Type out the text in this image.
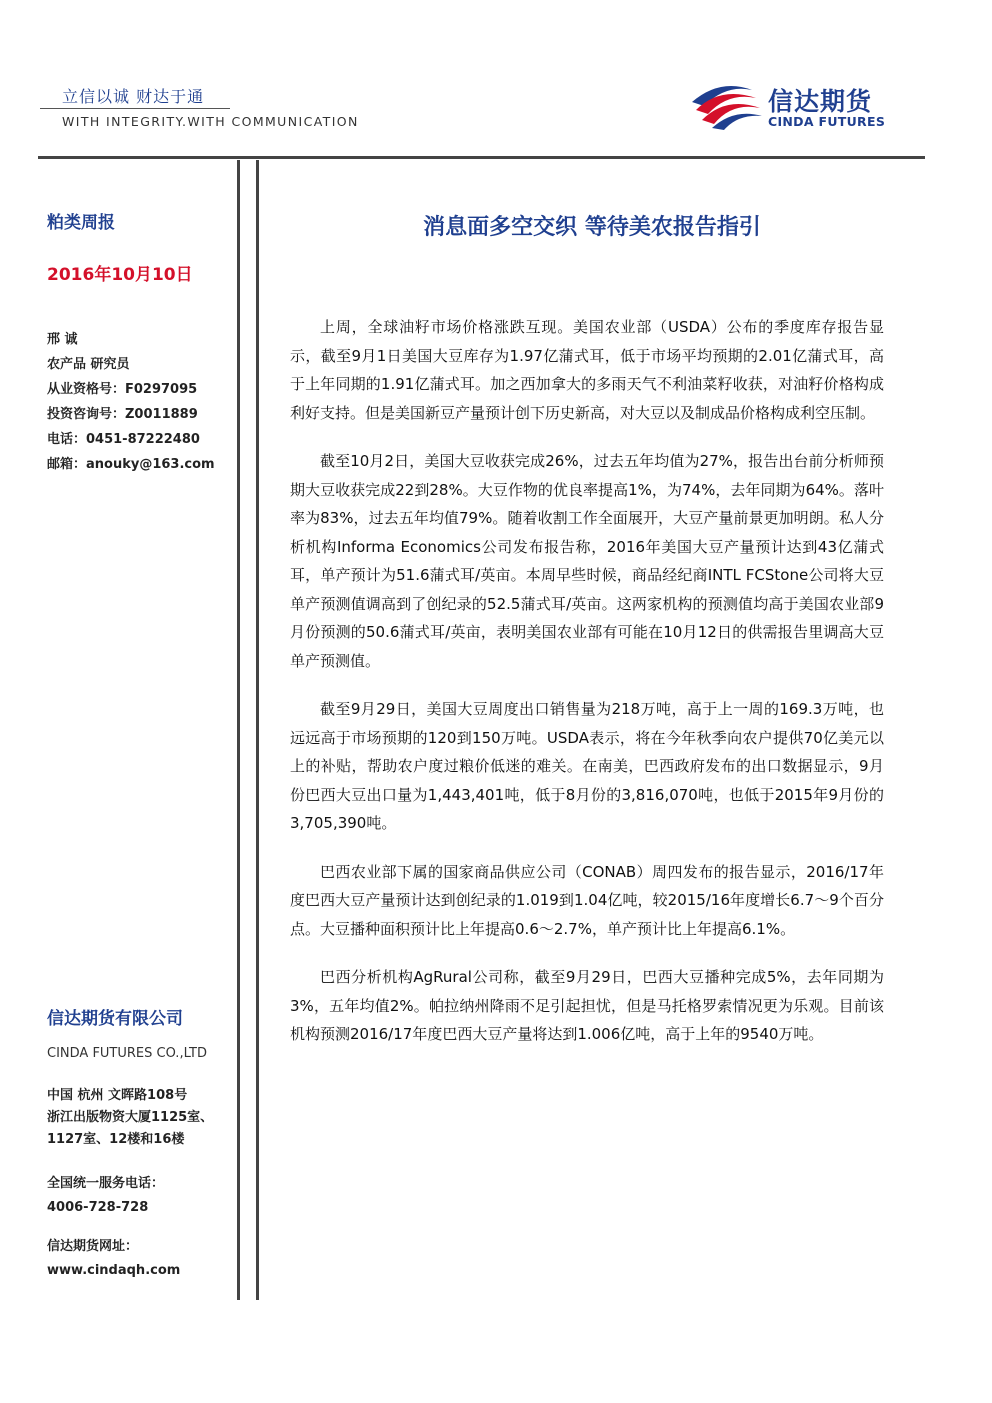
立信以诚 财达于通
WITH INTEGRITY.WITH COMMUNICATION
信达期货
CINDA FUTURES
粕类周报
2016年10月10日
邢 诚
农产品 研究员
从业资格号：F0297095
投资咨询号：Z0011889
电话：0451-87222480
邮箱：anouky@163.com
信达期货有限公司
CINDA FUTURES CO.,LTD
中国 杭州 文晖路108号
浙江出版物资大厦1125室、
1127室、12楼和16楼
全国统一服务电话：
4006-728-728
信达期货网址：
www.cindaqh.com
消息面多空交织 等待美农报告指引

上周，全球油籽市场价格涨跌互现。美国农业部（USDA）公布的季度库存报告显示，截至9月1日美国大豆库存为1.97亿蒲式耳，低于市场平均预期的2.01亿蒲式耳，高于上年同期的1.91亿蒲式耳。加之西加拿大的多雨天气不利油菜籽收获，对油籽价格构成利好支持。但是美国新豆产量预计创下历史新高，对大豆以及制成品价格构成利空压制。

截至10月2日，美国大豆收获完成26%，过去五年均值为27%，报告出台前分析师预期大豆收获完成22到28%。大豆作物的优良率提高1%，为74%，去年同期为64%。落叶率为83%，过去五年均值79%。随着收割工作全面展开，大豆产量前景更加明朗。私人分析机构Informa Economics公司发布报告称，2016年美国大豆产量预计达到43亿蒲式耳，单产预计为51.6蒲式耳/英亩。本周早些时候，商品经纪商INTL FCStone公司将大豆单产预测值调高到了创纪录的52.5蒲式耳/英亩。这两家机构的预测值均高于美国农业部9月份预测的50.6蒲式耳/英亩，表明美国农业部有可能在10月12日的供需报告里调高大豆单产预测值。

截至9月29日，美国大豆周度出口销售量为218万吨，高于上一周的169.3万吨，也远远高于市场预期的120到150万吨。USDA表示，将在今年秋季向农户提供70亿美元以上的补贴，帮助农户度过粮价低迷的难关。在南美，巴西政府发布的出口数据显示，9月份巴西大豆出口量为1,443,401吨，低于8月份的3,816,070吨，也低于2015年9月份的3,705,390吨。

巴西农业部下属的国家商品供应公司（CONAB）周四发布的报告显示，2016/17年度巴西大豆产量预计达到创纪录的1.019到1.04亿吨，较2015/16年度增长6.7～9个百分点。大豆播种面积预计比上年提高0.6～2.7%，单产预计比上年提高6.1%。

巴西分析机构AgRural公司称，截至9月29日，巴西大豆播种完成5%，去年同期为3%，五年均值2%。帕拉纳州降雨不足引起担忧，但是马托格罗索情况更为乐观。目前该机构预测2016/17年度巴西大豆产量将达到1.006亿吨，高于上年的9540万吨。
